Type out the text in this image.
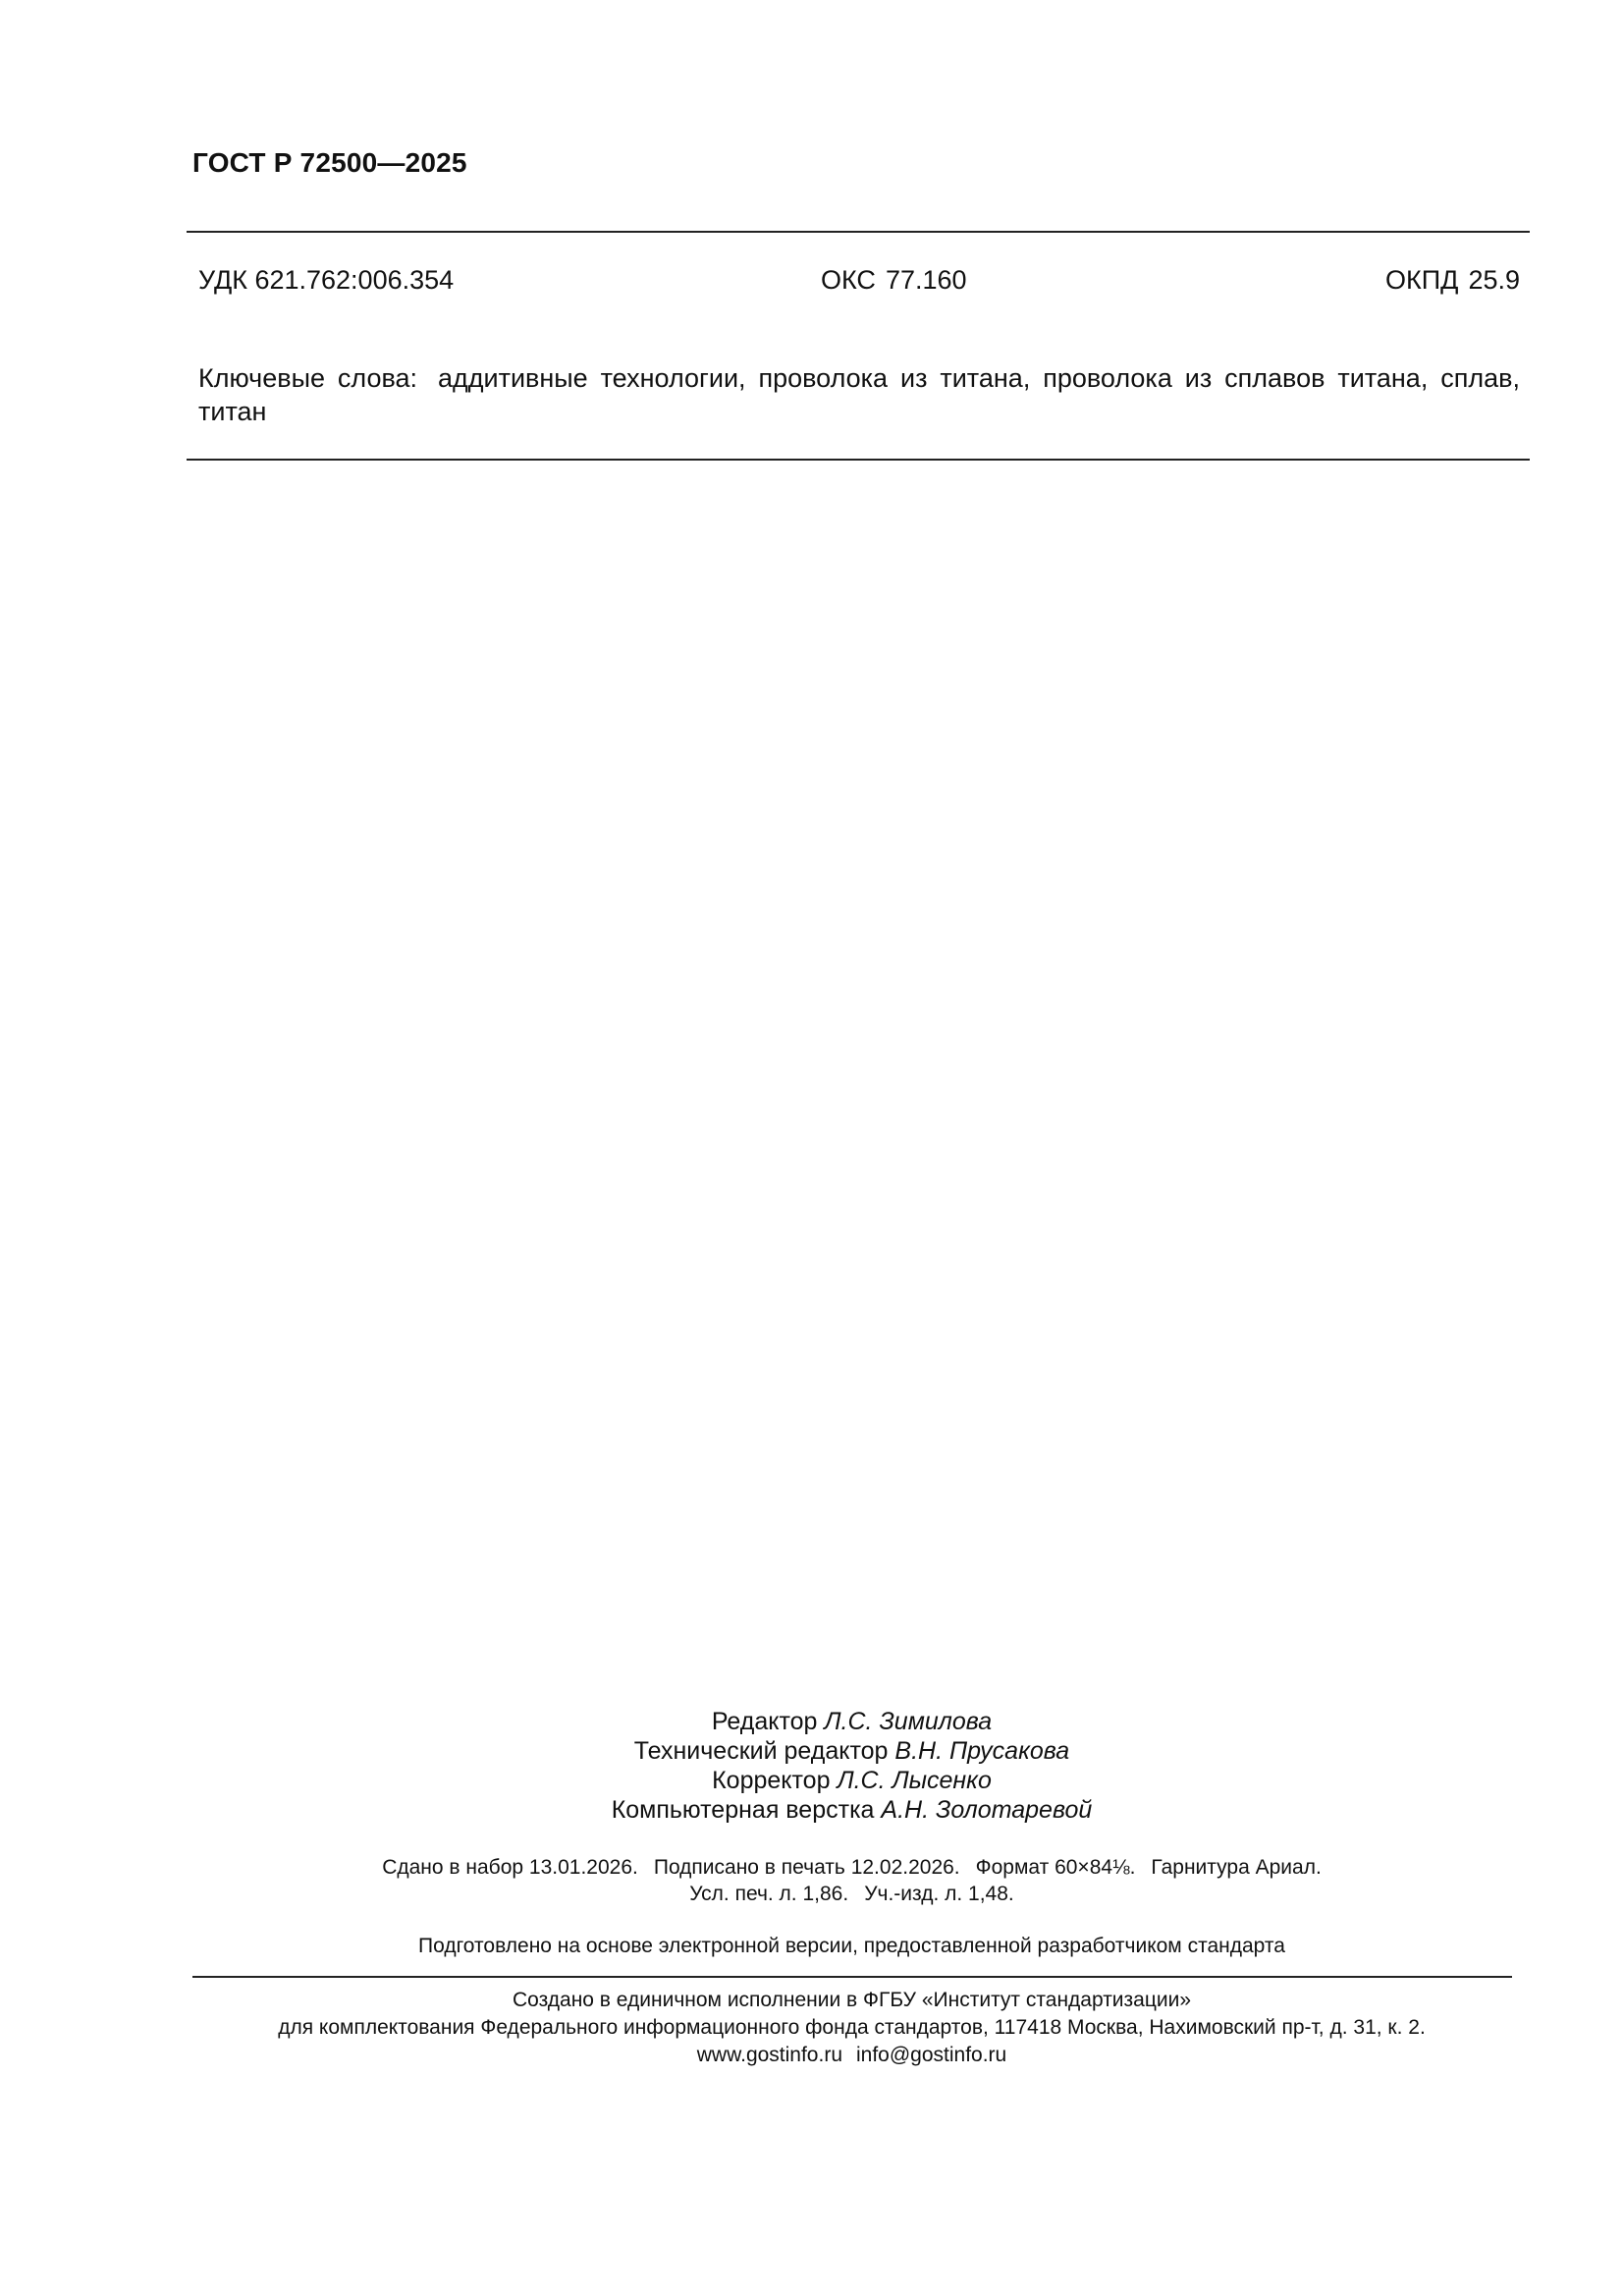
ГОСТ Р 72500—2025
УДК 621.762:006.354	ОКС 77.160	ОКПД 25.9
Ключевые слова: аддитивные технологии, проволока из титана, проволока из сплавов титана, сплав, титан
Редактор Л.С. Зимилова
Технический редактор В.Н. Прусакова
Корректор Л.С. Лысенко
Компьютерная верстка А.Н. Золотаревой
Сдано в набор 13.01.2026. Подписано в печать 12.02.2026. Формат 60×84⅛. Гарнитура Ариал.
Усл. печ. л. 1,86. Уч.-изд. л. 1,48.
Подготовлено на основе электронной версии, предоставленной разработчиком стандарта
Создано в единичном исполнении в ФГБУ «Институт стандартизации»
для комплектования Федерального информационного фонда стандартов, 117418 Москва, Нахимовский пр-т, д. 31, к. 2.
www.gostinfo.ru info@gostinfo.ru
